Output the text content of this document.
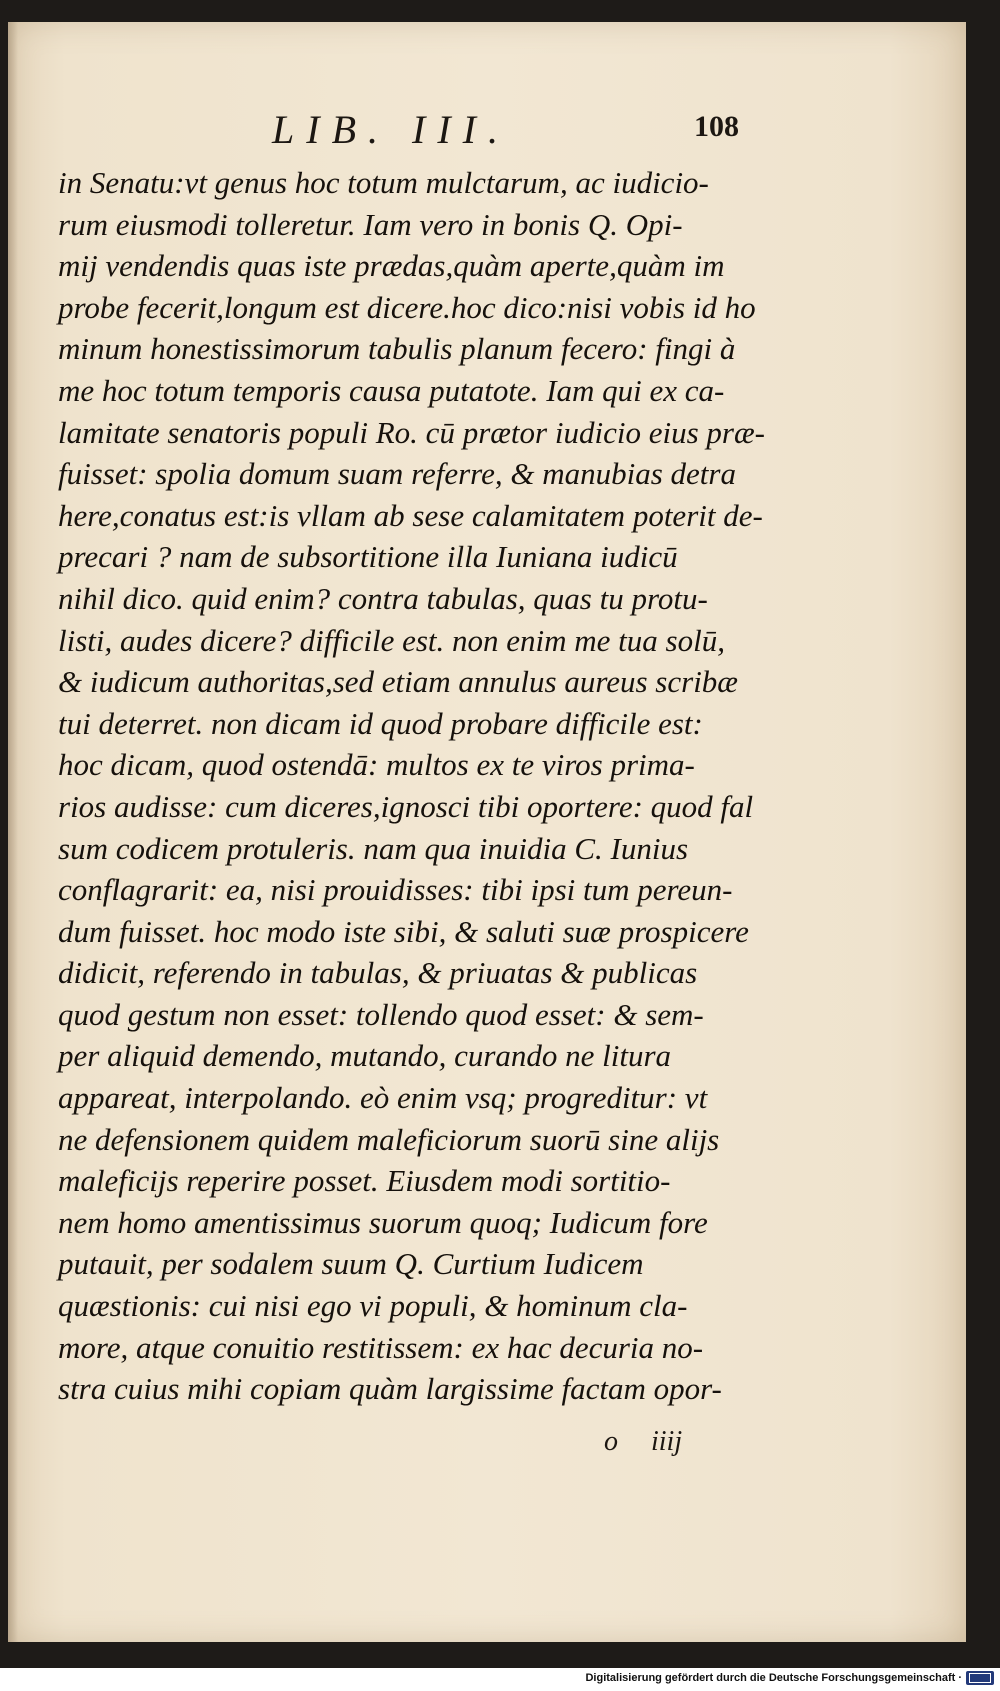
LIB. III.	108
in Senatu:vt genus hoc totum mulctarum, ac iudicio-
rum eiusmodi tolleretur. Iam vero in bonis Q. Opi-
mij vendendis quas iste prædas,quàm aperte,quàm im
probe fecerit,longum est dicere.hoc dico:nisi vobis id ho
minum honestissimorum tabulis planum fecero: fingi à
me hoc totum temporis causa putatote. Iam qui ex ca-
lamitate senatoris populi Ro. cū prætor iudicio eius præ-
fuisset: spolia domum suam referre, & manubias detra
here,conatus est:is vllam ab sese calamitatem poterit de-
precari ? nam de subsortitione illa Iuniana iudicū
nihil dico. quid enim? contra tabulas, quas tu protu-
listi, audes dicere? difficile est. non enim me tua solū,
& iudicum authoritas,sed etiam annulus aureus scribæ
tui deterret. non dicam id quod probare difficile est:
hoc dicam, quod ostendā: multos ex te viros prima-
rios audisse: cum diceres,ignosci tibi oportere: quod fal
sum codicem protuleris. nam qua inuidia C. Iunius
conflagrarit: ea, nisi prouidisses: tibi ipsi tum pereun-
dum fuisset. hoc modo iste sibi, & saluti suæ prospicere
didicit, referendo in tabulas, & priuatas & publicas
quod gestum non esset: tollendo quod esset: & sem-
per aliquid demendo, mutando, curando ne litura
appareat, interpolando. eò enim vsq; progreditur: vt
ne defensionem quidem maleficiorum suorū sine alijs
maleficijs reperire posset. Eiusdem modi sortitio-
nem homo amentissimus suorum quoq; Iudicum fore
putauit, per sodalem suum Q. Curtium Iudicem
quæstionis: cui nisi ego vi populi, & hominum cla-
more, atque conuitio restitissem: ex hac decuria no-
stra cuius mihi copiam quàm largissime factam opor-
o iiij
Digitalisierung gefördert durch die Deutsche Forschungsgemeinschaft ·
